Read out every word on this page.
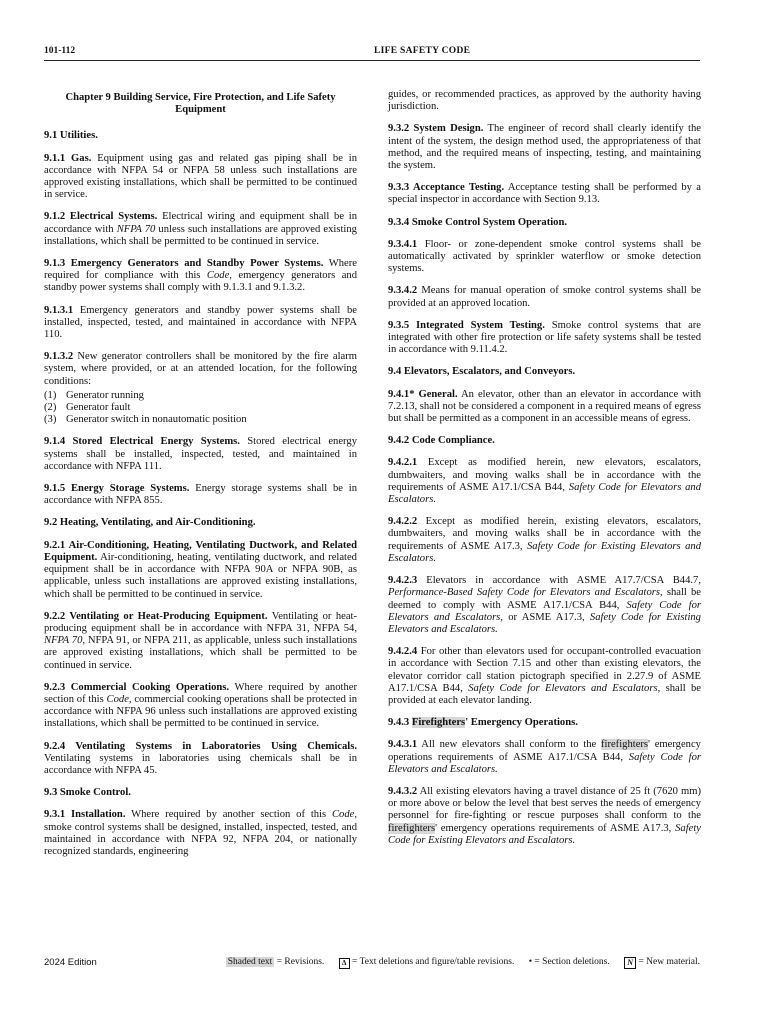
101-112	LIFE SAFETY CODE
Chapter 9 Building Service, Fire Protection, and Life Safety Equipment
9.1 Utilities.

9.1.1 Gas. Equipment using gas and related gas piping shall be in accordance with NFPA 54 or NFPA 58 unless such installations are approved existing installations, which shall be permitted to be continued in service.

9.1.2 Electrical Systems. Electrical wiring and equipment shall be in accordance with NFPA 70 unless such installations are approved existing installations, which shall be permitted to be continued in service.

9.1.3 Emergency Generators and Standby Power Systems. Where required for compliance with this Code, emergency generators and standby power systems shall comply with 9.1.3.1 and 9.1.3.2.

9.1.3.1 Emergency generators and standby power systems shall be installed, inspected, tested, and maintained in accordance with NFPA 110.

9.1.3.2 New generator controllers shall be monitored by the fire alarm system, where provided, or at an attended location, for the following conditions:

(1) Generator running
(2) Generator fault
(3) Generator switch in nonautomatic position

9.1.4 Stored Electrical Energy Systems. Stored electrical energy systems shall be installed, inspected, tested, and maintained in accordance with NFPA 111.

9.1.5 Energy Storage Systems. Energy storage systems shall be in accordance with NFPA 855.

9.2 Heating, Ventilating, and Air-Conditioning.

9.2.1 Air-Conditioning, Heating, Ventilating Ductwork, and Related Equipment. Air-conditioning, heating, ventilating ductwork, and related equipment shall be in accordance with NFPA 90A or NFPA 90B, as applicable, unless such installations are approved existing installations, which shall be permitted to be continued in service.

9.2.2 Ventilating or Heat-Producing Equipment. Ventilating or heat-producing equipment shall be in accordance with NFPA 31, NFPA 54, NFPA 70, NFPA 91, or NFPA 211, as applicable, unless such installations are approved existing installations, which shall be permitted to be continued in service.

9.2.3 Commercial Cooking Operations. Where required by another section of this Code, commercial cooking operations shall be protected in accordance with NFPA 96 unless such installations are approved existing installations, which shall be permitted to be continued in service.

9.2.4 Ventilating Systems in Laboratories Using Chemicals. Ventilating systems in laboratories using chemicals shall be in accordance with NFPA 45.

9.3 Smoke Control.

9.3.1 Installation. Where required by another section of this Code, smoke control systems shall be designed, installed, inspected, tested, and maintained in accordance with NFPA 92, NFPA 204, or nationally recognized standards, engineering

guides, or recommended practices, as approved by the authority having jurisdiction.

9.3.2 System Design. The engineer of record shall clearly identify the intent of the system, the design method used, the appropriateness of that method, and the required means of inspecting, testing, and maintaining the system.

9.3.3 Acceptance Testing. Acceptance testing shall be performed by a special inspector in accordance with Section 9.13.

9.3.4 Smoke Control System Operation.

9.3.4.1 Floor- or zone-dependent smoke control systems shall be automatically activated by sprinkler waterflow or smoke detection systems.

9.3.4.2 Means for manual operation of smoke control systems shall be provided at an approved location.

9.3.5 Integrated System Testing. Smoke control systems that are integrated with other fire protection or life safety systems shall be tested in accordance with 9.11.4.2.

9.4 Elevators, Escalators, and Conveyors.

9.4.1* General. An elevator, other than an elevator in accordance with 7.2.13, shall not be considered a component in a required means of egress but shall be permitted as a component in an accessible means of egress.

9.4.2 Code Compliance.

9.4.2.1 Except as modified herein, new elevators, escalators, dumbwaiters, and moving walks shall be in accordance with the requirements of ASME A17.1/CSA B44, Safety Code for Elevators and Escalators.

9.4.2.2 Except as modified herein, existing elevators, escalators, dumbwaiters, and moving walks shall be in accordance with the requirements of ASME A17.3, Safety Code for Existing Elevators and Escalators.

9.4.2.3 Elevators in accordance with ASME A17.7/CSA B44.7, Performance-Based Safety Code for Elevators and Escalators, shall be deemed to comply with ASME A17.1/CSA B44, Safety Code for Elevators and Escalators, or ASME A17.3, Safety Code for Existing Elevators and Escalators.

9.4.2.4 For other than elevators used for occupant-controlled evacuation in accordance with Section 7.15 and other than existing elevators, the elevator corridor call station pictograph specified in 2.27.9 of ASME A17.1/CSA B44, Safety Code for Elevators and Escalators, shall be provided at each elevator landing.

9.4.3 Firefighters' Emergency Operations.

9.4.3.1 All new elevators shall conform to the firefighters' emergency operations requirements of ASME A17.1/CSA B44, Safety Code for Elevators and Escalators.

9.4.3.2 All existing elevators having a travel distance of 25 ft (7620 mm) or more above or below the level that best serves the needs of emergency personnel for fire-fighting or rescue purposes shall conform to the firefighters' emergency operations requirements of ASME A17.3, Safety Code for Existing Elevators and Escalators.

2024 Edition	Shaded text = Revisions.	Δ = Text deletions and figure/table revisions. • = Section deletions. N = New material.
